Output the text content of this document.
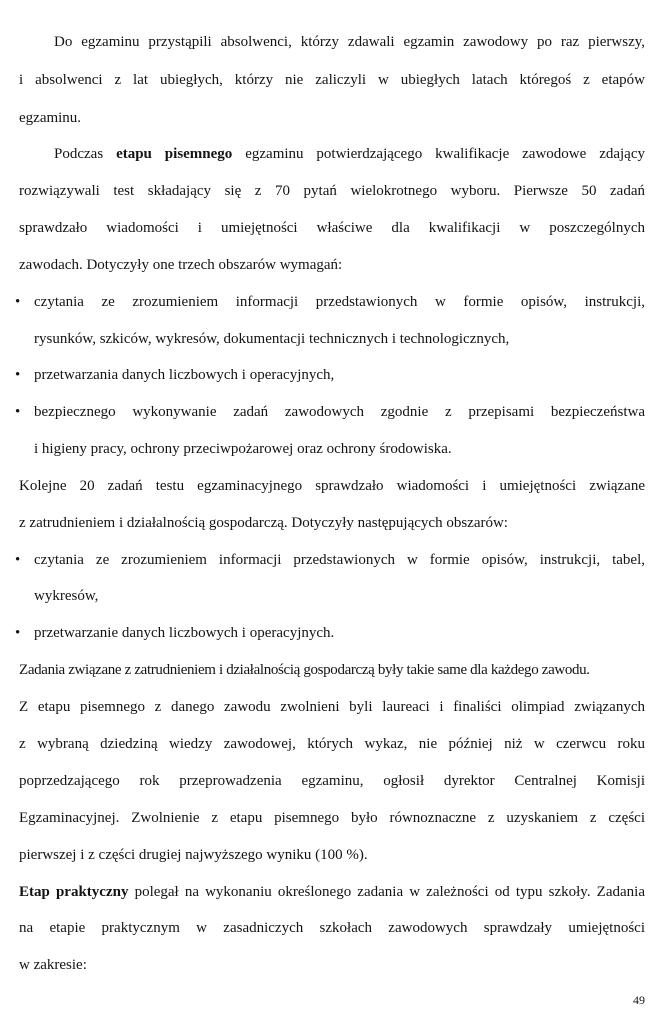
Do egzaminu przystąpili absolwenci, którzy zdawali egzamin zawodowy po raz pierwszy,
i absolwenci z lat ubiegłych, którzy nie zaliczyli w ubiegłych latach któregoś z etapów
egzaminu.
Podczas etapu pisemnego egzaminu potwierdzającego kwalifikacje zawodowe zdający
rozwiązywali test składający się z 70 pytań wielokrotnego wyboru. Pierwsze 50 zadań
sprawdzało wiadomości i umiejętności właściwe dla kwalifikacji w poszczególnych
zawodach. Dotyczyły one trzech obszarów wymagań:
• czytania ze zrozumieniem informacji przedstawionych w formie opisów, instrukcji,
rysunków, szkiców, wykresów, dokumentacji technicznych i technologicznych,
• przetwarzania danych liczbowych i operacyjnych,
• bezpiecznego wykonywanie zadań zawodowych zgodnie z przepisami bezpieczeństwa
i higieny pracy, ochrony przeciwpożarowej oraz ochrony środowiska.
Kolejne 20 zadań testu egzaminacyjnego sprawdzało wiadomości i umiejętności związane
z zatrudnieniem i działalnością gospodarczą. Dotyczyły następujących obszarów:
• czytania ze zrozumieniem informacji przedstawionych w formie opisów, instrukcji, tabel,
wykresów,
• przetwarzanie danych liczbowych i operacyjnych.
Zadania związane z zatrudnieniem i działalnością gospodarczą były takie same dla każdego zawodu.
Z etapu pisemnego z danego zawodu zwolnieni byli laureaci i finaliści olimpiad związanych
z wybraną dziedziną wiedzy zawodowej, których wykaz, nie później niż w czerwcu roku
poprzedzającego rok przeprowadzenia egzaminu, ogłosił dyrektor Centralnej Komisji
Egzaminacyjnej. Zwolnienie z etapu pisemnego było równoznaczne z uzyskaniem z części
pierwszej i z części drugiej najwyższego wyniku (100 %).
Etap praktyczny polegał na wykonaniu określonego zadania w zależności od typu szkoły. Zadania
na etapie praktycznym w zasadniczych szkołach zawodowych sprawdzały umiejętności
w zakresie:
49
